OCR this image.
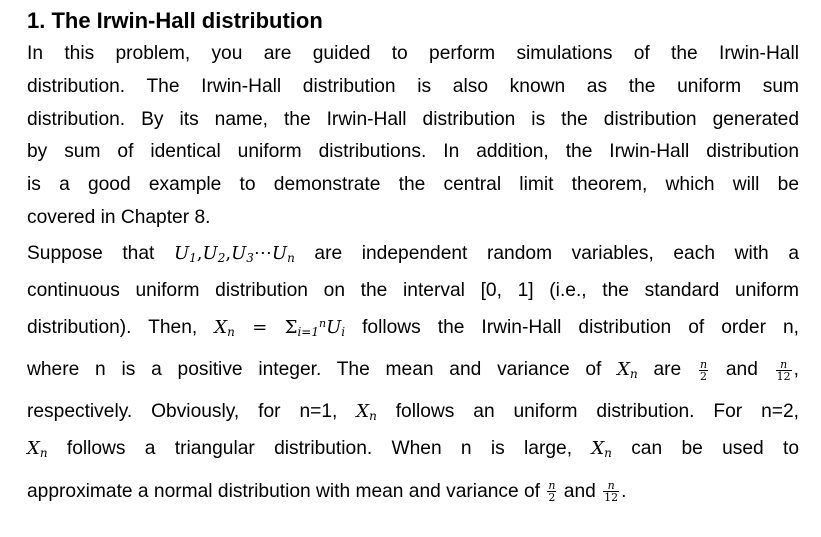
1. The Irwin-Hall distribution
In this problem, you are guided to perform simulations of the Irwin-Hall
distribution. The Irwin-Hall distribution is also known as the uniform sum
distribution. By its name, the Irwin-Hall distribution is the distribution generated
by sum of identical uniform distributions. In addition, the Irwin-Hall distribution
is a good example to demonstrate the central limit theorem, which will be
covered in Chapter 8.
Suppose that $U_1,U_2,U_3\cdots U_n$ are independent random variables, each with a
continuous uniform distribution on the interval [0, 1] (i.e., the standard uniform
distribution). Then, $X_n = \Sigma_{i=1}^nU_i$ follows the Irwin-Hall distribution of order n,
where n is a positive integer. The mean and variance of $X_n$ are $\frac{n}{2}$ and $\frac{n}{12}$ ,
respectively. Obviously, for n=1, $X_n$ follows an uniform distribution. For n=2,
$X_n$ follows a triangular distribution. When n is large, $X_n$ can be used to
approximate a normal distribution with mean and variance of $\frac{n}{2}$ and $\frac{n}{12}$ .
